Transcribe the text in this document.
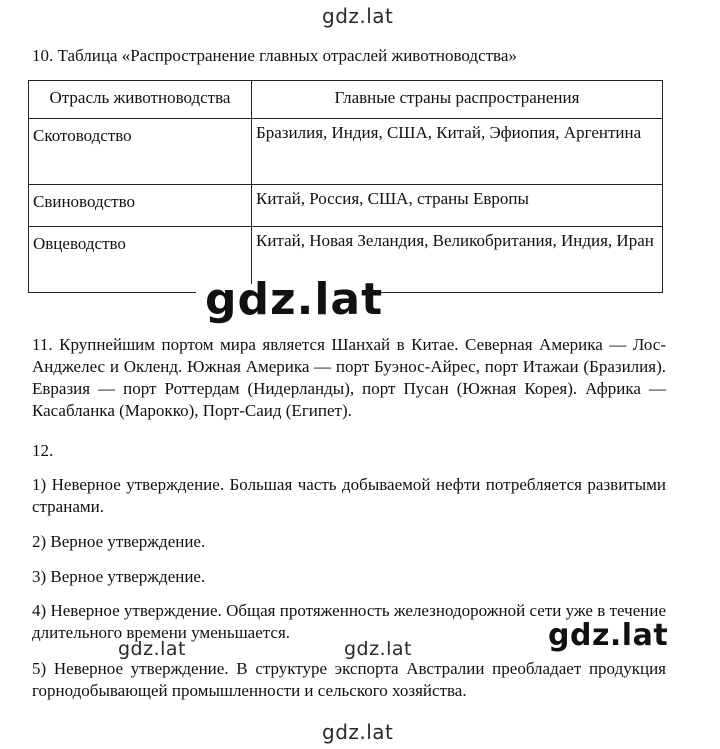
gdz.lat
10. Таблица «Распространение главных отраслей животноводства»
Отрасль животноводства	Главные страны распространения
Скотоводство	Бразилия, Индия, США, Китай, Эфиопия, Аргентина
Свиноводство	Китай, Россия, США, страны Европы
Овцеводство	Китай, Новая Зеландия, Великобритания, Индия, Иран
gdz.lat

11. Крупнейшим портом мира является Шанхай в Китае. Северная Америка — Лос-Анджелес и Окленд. Южная Америка — порт Буэнос-Айрес, порт Итажаи (Бразилия). Евразия — порт Роттердам (Нидерланды), порт Пусан (Южная Корея). Африка — Касабланка (Марокко), Порт-Саид (Египет).

12.

1) Неверное утверждение. Большая часть добываемой нефти потребляется развитыми странами.

2) Верное утверждение.

3) Верное утверждение.

4) Неверное утверждение. Общая протяженность железнодорожной сети уже в течение длительного времени уменьшается.	gdz.lat
gdz.lat	gdz.lat

5) Неверное утверждение. В структуре экспорта Австралии преобладает продукция горнодобывающей промышленности и сельского хозяйства.

gdz.lat
